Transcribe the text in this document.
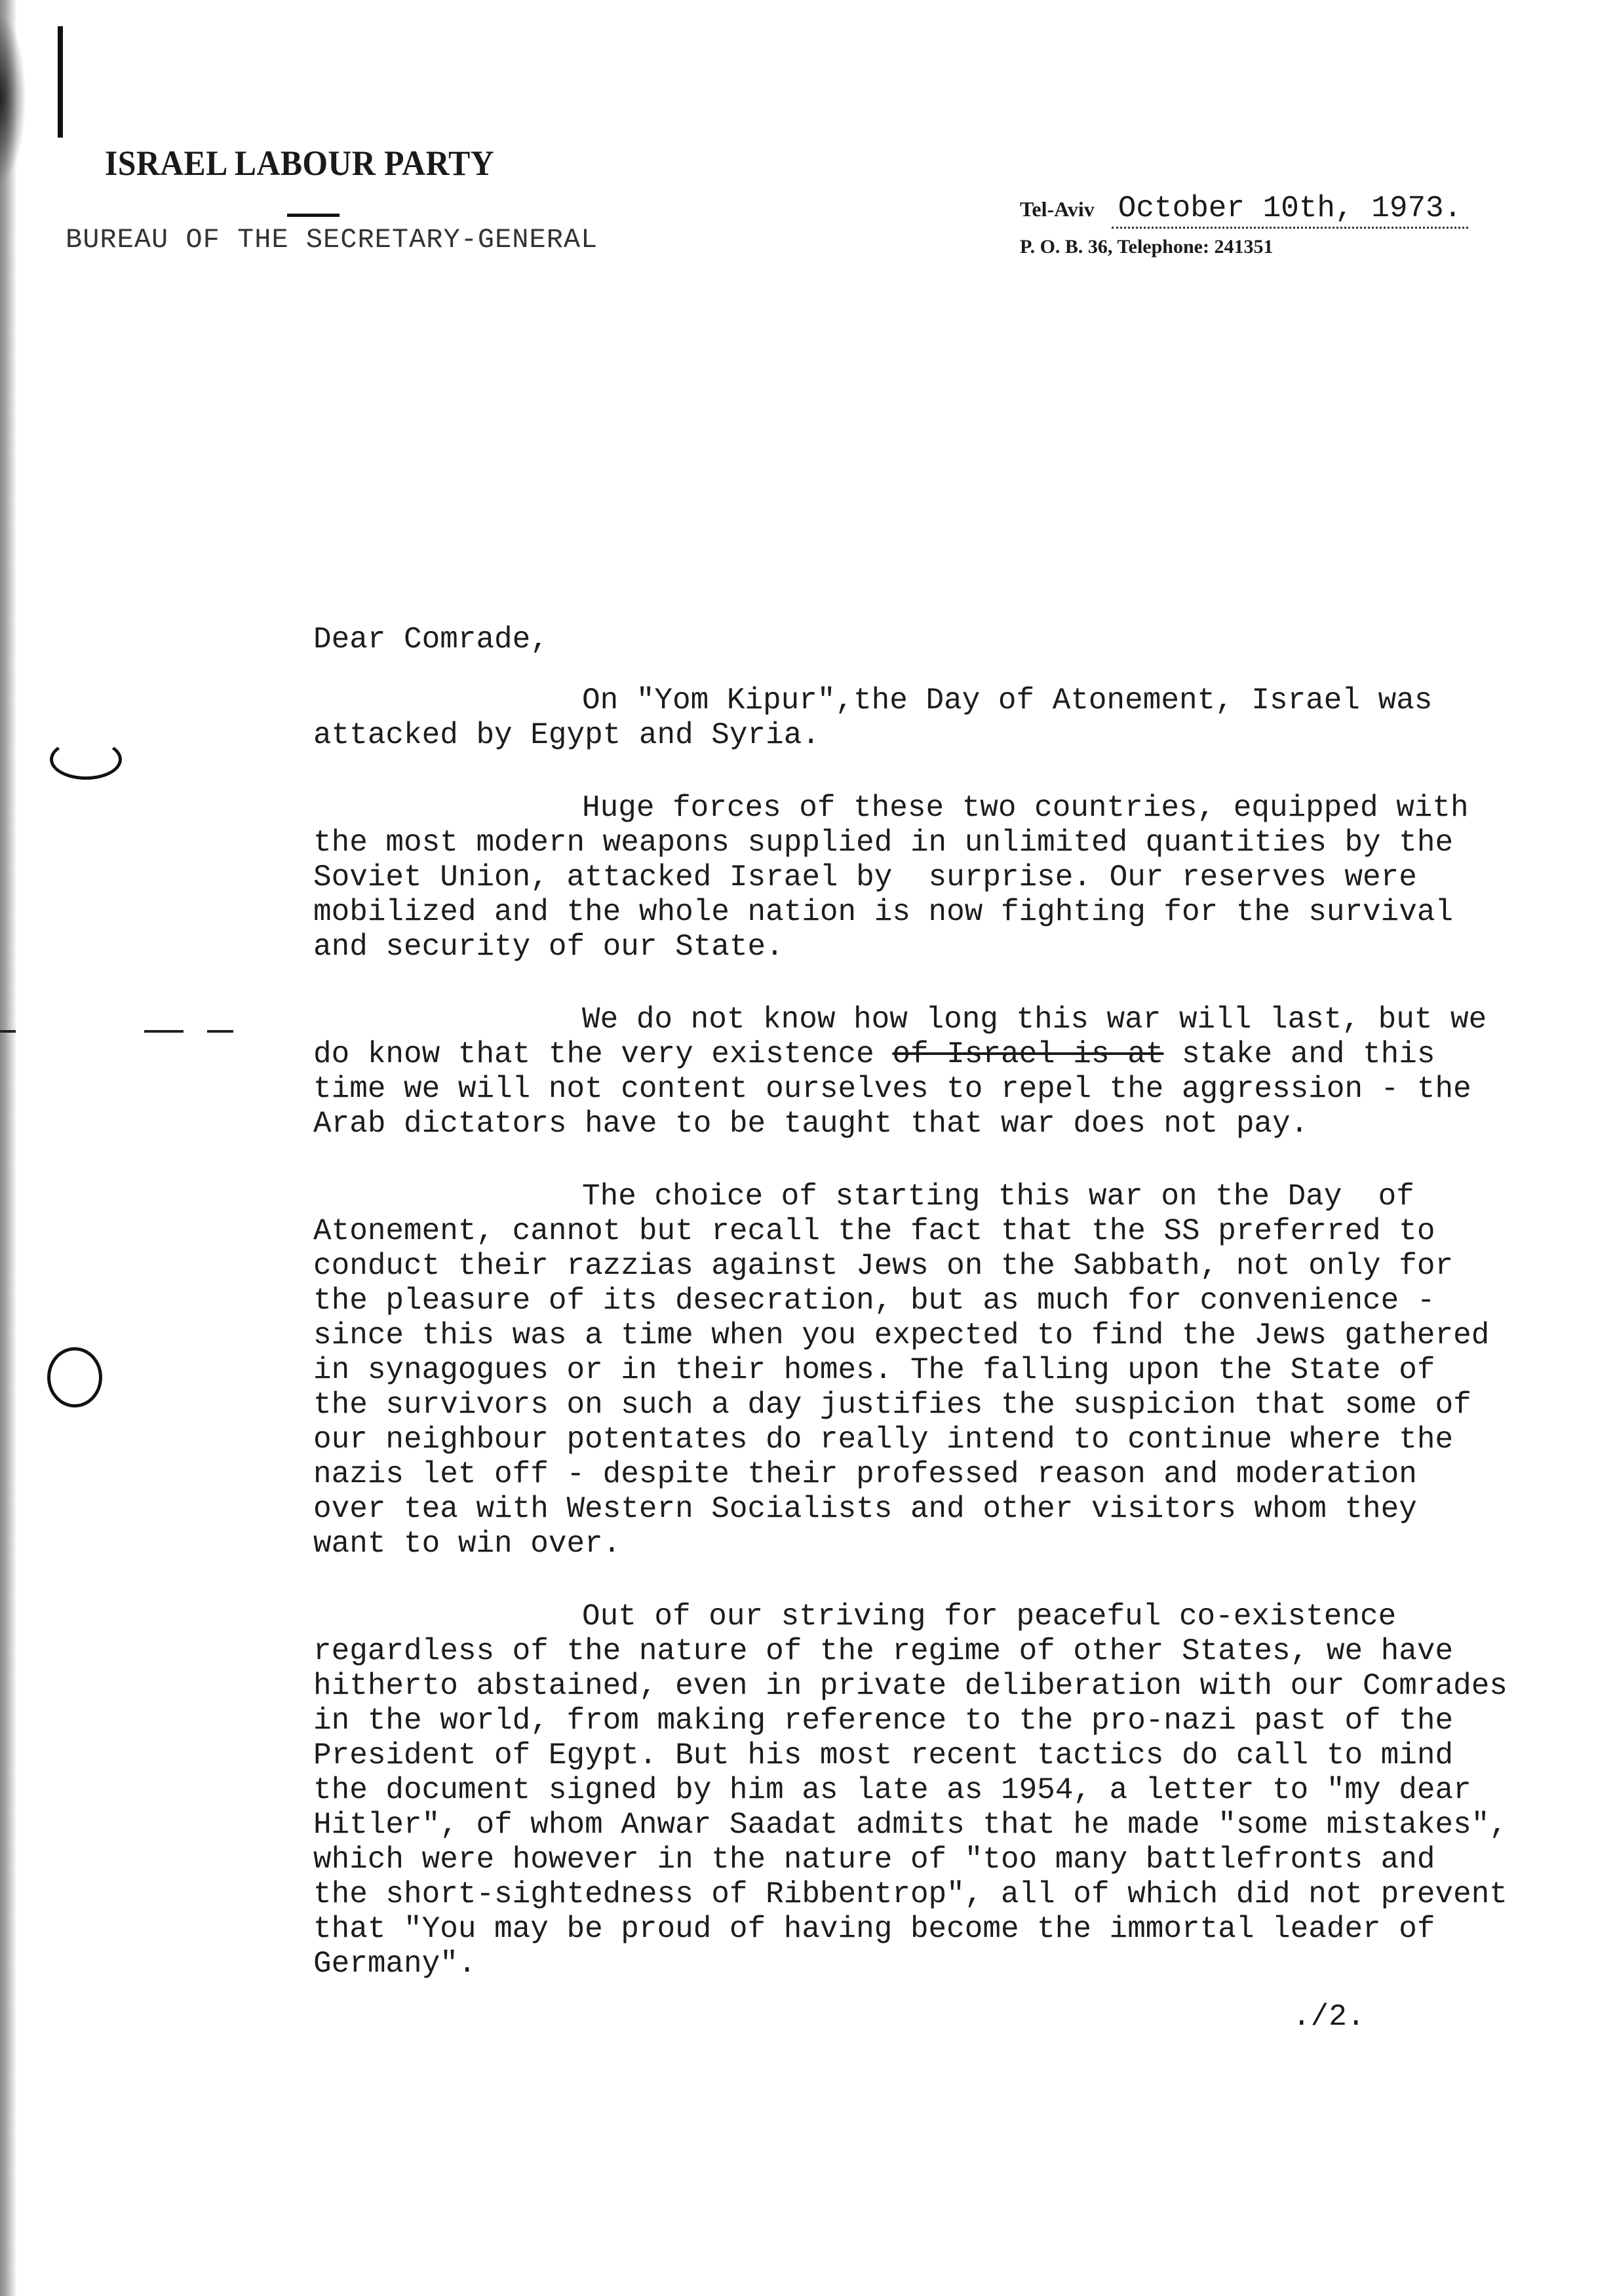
ISRAEL LABOUR PARTY
BUREAU OF THE SECRETARY-GENERAL
Tel-Aviv October 10th, 1973.
P. O. B. 36, Telephone: 241351
Dear Comrade,
On "Yom Kipur",the Day of Atonement, Israel was
attacked by Egypt and Syria.
Huge forces of these two countries, equipped with
the most modern weapons supplied in unlimited quantities by the
Soviet Union, attacked Israel by  surprise. Our reserves were
mobilized and the whole nation is now fighting for the survival
and security of our State.
We do not know how long this war will last, but we
do know that the very existence of Israel is at stake and this
time we will not content ourselves to repel the aggression - the
Arab dictators have to be taught that war does not pay.
The choice of starting this war on the Day  of
Atonement, cannot but recall the fact that the SS preferred to
conduct their razzias against Jews on the Sabbath, not only for
the pleasure of its desecration, but as much for convenience -
since this was a time when you expected to find the Jews gathered
in synagogues or in their homes. The falling upon the State of
the survivors on such a day justifies the suspicion that some of
our neighbour potentates do really intend to continue where the
nazis let off - despite their professed reason and moderation
over tea with Western Socialists and other visitors whom they
want to win over.
Out of our striving for peaceful co-existence
regardless of the nature of the regime of other States, we have
hitherto abstained, even in private deliberation with our Comrades
in the world, from making reference to the pro-nazi past of the
President of Egypt. But his most recent tactics do call to mind
the document signed by him as late as 1954, a letter to "my dear
Hitler", of whom Anwar Saadat admits that he made "some mistakes",
which were however in the nature of "too many battlefronts and
the short-sightedness of Ribbentrop", all of which did not prevent
that "You may be proud of having become the immortal leader of
Germany".
./2.
